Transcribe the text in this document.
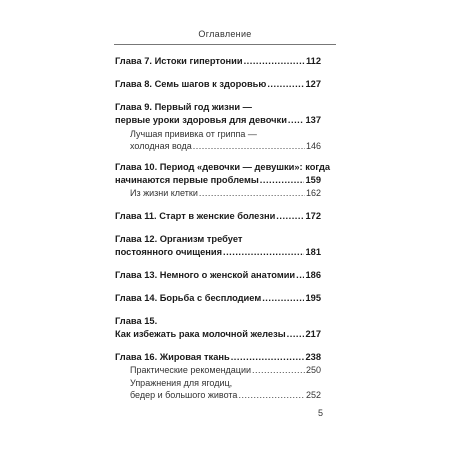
Оглавление
Глава 7. Истоки гипертонии .....	112
Глава 8. Семь шагов к здоровью .....	127
Глава 9. Первый год жизни —
первые уроки здоровья для девочки ..... 137
Лучшая прививка от гриппа —
холодная вода .....	146
Глава 10. Период «девочки — девушки»: когда
начинаются первые проблемы .....	159
Из жизни клетки .....	162
Глава 11. Старт в женские болезни .....	172
Глава 12. Организм требует
постоянного очищения .....	181
Глава 13. Немного о женской анатомии ..... 186
Глава 14. Борьба с бесплодием .....	195
Глава 15.
Как избежать рака молочной железы ..... 217
Глава 16. Жировая ткань .....	238
Практические рекомендации .....	250
Упражнения для ягодиц,
бедер и большого живота .....	252
5
